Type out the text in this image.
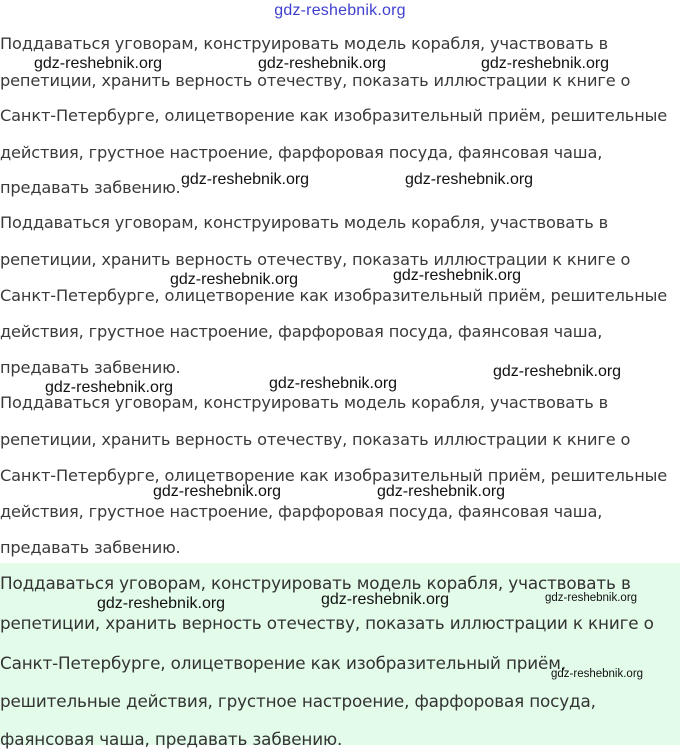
gdz-reshebnik.org
Поддаваться уговорам, конструировать модель корабля, участвовать в
репетиции, хранить верность отечеству, показать иллюстрации к книге о
Санкт-Петербурге, олицетворение как изобразительный приём, решительные
действия, грустное настроение, фарфоровая посуда, фаянсовая чаша,
предавать забвению.
Поддаваться уговорам, конструировать модель корабля, участвовать в
репетиции, хранить верность отечеству, показать иллюстрации к книге о
Санкт-Петербурге, олицетворение как изобразительный приём, решительные
действия, грустное настроение, фарфоровая посуда, фаянсовая чаша,
предавать забвению.
Поддаваться уговорам, конструировать модель корабля, участвовать в
репетиции, хранить верность отечеству, показать иллюстрации к книге о
Санкт-Петербурге, олицетворение как изобразительный приём, решительные
действия, грустное настроение, фарфоровая посуда, фаянсовая чаша,
предавать забвению.
Поддаваться уговорам, конструировать модель корабля, участвовать в
репетиции, хранить верность отечеству, показать иллюстрации к книге о
Санкт-Петербурге, олицетворение как изобразительный приём,
решительные действия, грустное настроение, фарфоровая посуда,
фаянсовая чаша, предавать забвению.
gdz-reshebnik.org	gdz-reshebnik.org	gdz-reshebnik.org
gdz-reshebnik.org	gdz-reshebnik.org
gdz-reshebnik.org	gdz-reshebnik.org
gdz-reshebnik.org	gdz-reshebnik.org
gdz-reshebnik.org
gdz-reshebnik.org	gdz-reshebnik.org
gdz-reshebnik.org	gdz-reshebnik.org	gdz-reshebnik.org
gdz-reshebnik.org
